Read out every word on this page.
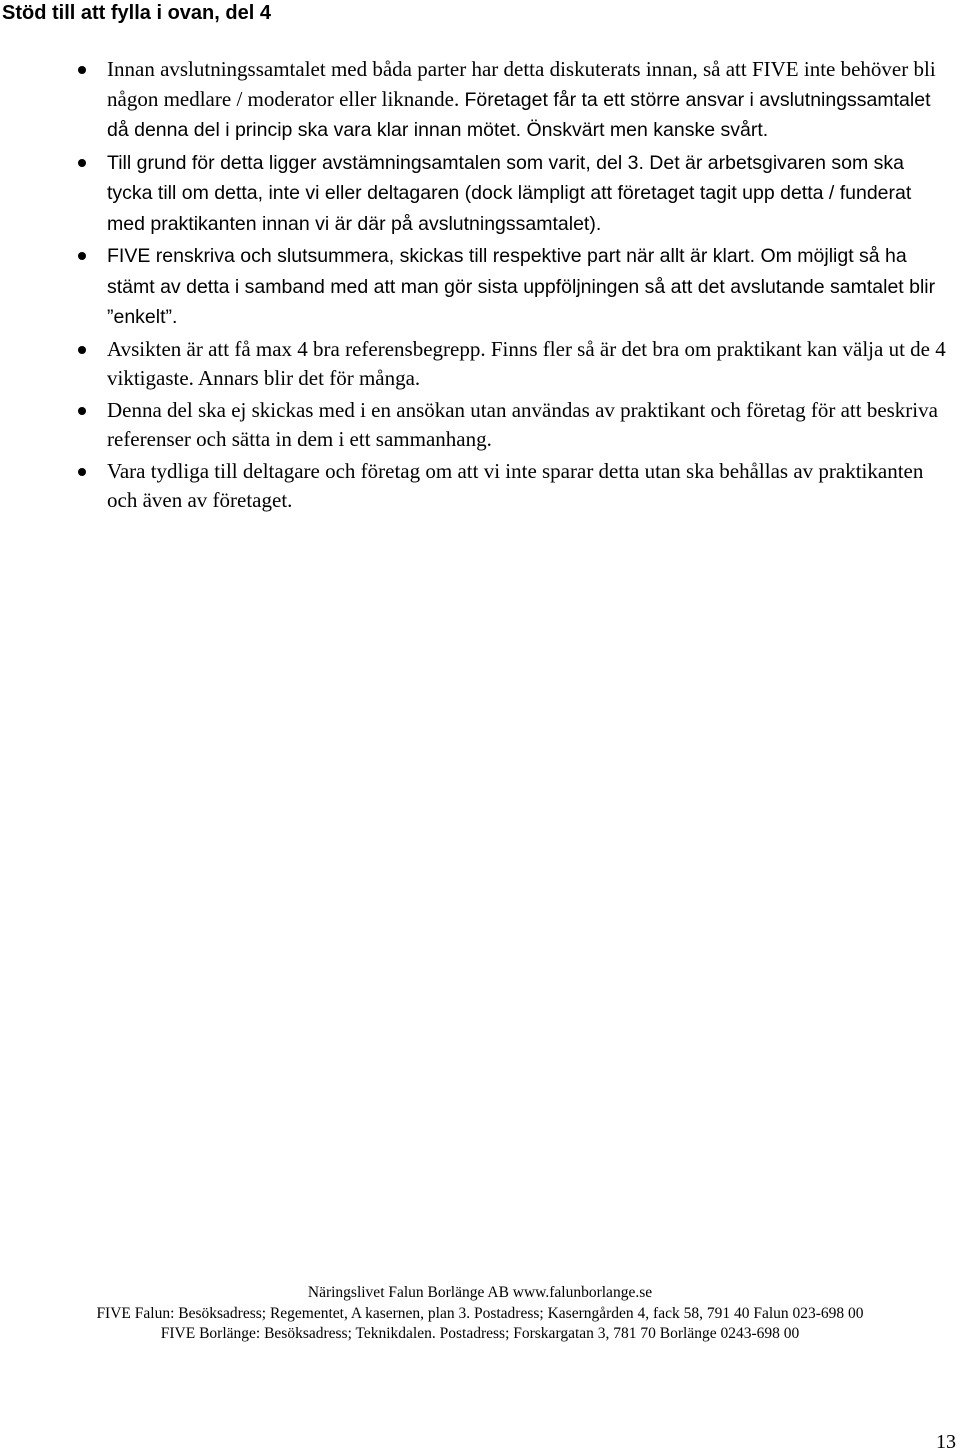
Stöd till att fylla i ovan, del 4
Innan avslutningssamtalet med båda parter har detta diskuterats innan, så att FIVE inte behöver bli någon medlare / moderator eller liknande. Företaget får ta ett större ansvar i avslutningssamtalet då denna del i princip ska vara klar innan mötet. Önskvärt men kanske svårt.
Till grund för detta ligger avstämningsamtalen som varit, del 3. Det är arbetsgivaren som ska tycka till om detta, inte vi eller deltagaren (dock lämpligt att företaget tagit upp detta / funderat med praktikanten innan vi är där på avslutningssamtalet).
FIVE renskriva och slutsummera, skickas till respektive part när allt är klart. Om möjligt så ha stämt av detta i samband med att man gör sista uppföljningen så att det avslutande samtalet blir ”enkelt”.
Avsikten är att få max 4 bra referensbegrepp. Finns fler så är det bra om praktikant kan välja ut de 4 viktigaste. Annars blir det för många.
Denna del ska ej skickas med i en ansökan utan användas av praktikant och företag för att beskriva referenser och sätta in dem i ett sammanhang.
Vara tydliga till deltagare och företag om att vi inte sparar detta utan ska behållas av praktikanten och även av företaget.
Näringslivet Falun Borlänge AB www.falunborlange.se
FIVE Falun: Besöksadress; Regementet, A kasernen, plan 3. Postadress; Kaserngården 4, fack 58, 791 40 Falun 023-698 00
FIVE Borlänge: Besöksadress; Teknikdalen. Postadress; Forskargatan 3, 781 70 Borlänge 0243-698 00
13
